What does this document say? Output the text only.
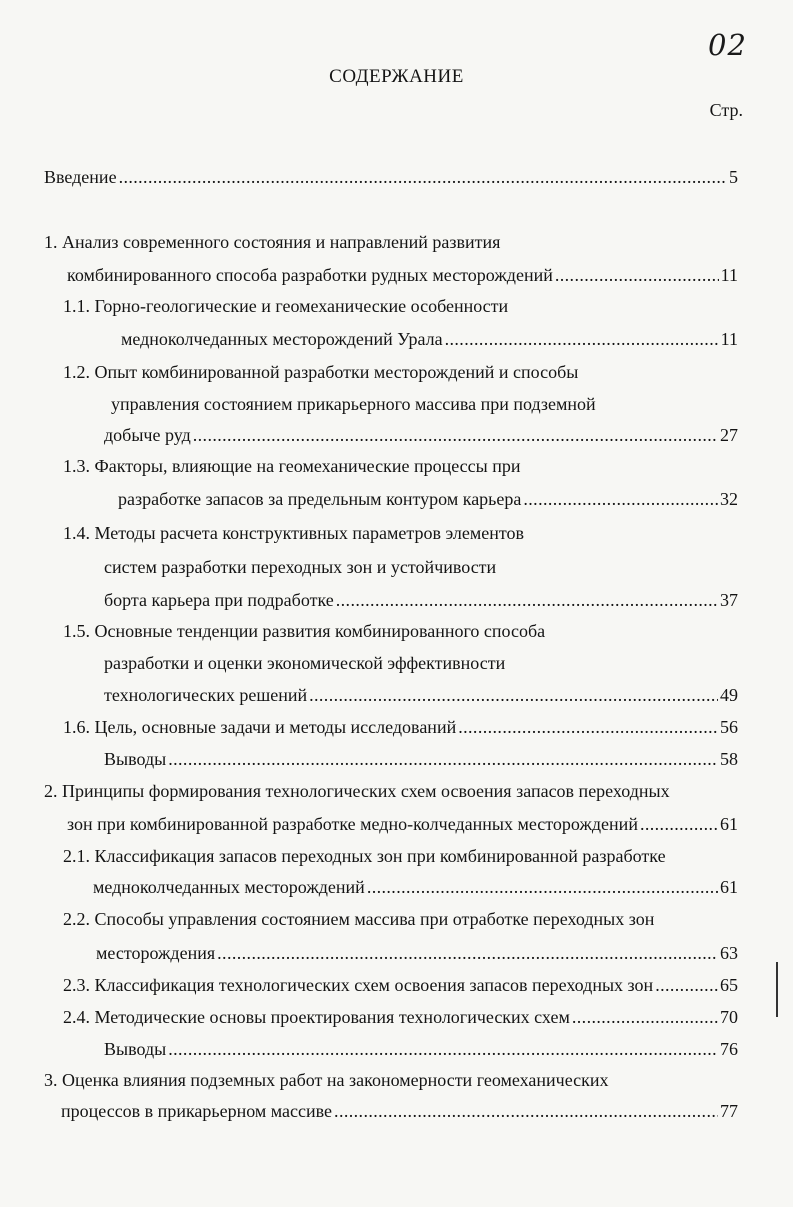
02
СОДЕРЖАНИЕ
Стр.
Введение .....	5
1. Анализ современного состояния и направлений развития
комбинированного способа разработки рудных месторождений .....	11
1.1. Горно-геологические и геомеханические особенности
медноколчеданных месторождений Урала .....	11
1.2. Опыт комбинированной разработки месторождений и способы
управления состоянием прикарьерного массива при подземной
добыче руд .....	27
1.3. Факторы, влияющие на геомеханические процессы при
разработке запасов за предельным контуром карьера .....	32
1.4. Методы расчета конструктивных параметров элементов
систем разработки переходных зон и устойчивости
борта карьера при подработке .....	37
1.5. Основные тенденции развития комбинированного способа
разработки и оценки экономической эффективности
технологических решений .....	49
1.6. Цель, основные задачи и методы исследований .....	56
Выводы .....	58
2. Принципы формирования технологических схем освоения запасов переходных
зон при комбинированной разработке медно-колчеданных месторождений .....	61
2.1. Классификация запасов переходных зон при комбинированной разработке
медноколчеданных месторождений .....	61
2.2. Способы управления состоянием массива при отработке переходных зон
месторождения .....	63
2.3. Классификация технологических схем освоения запасов переходных зон .....	65
2.4. Методические основы проектирования технологических схем .....	70
Выводы .....	76
3. Оценка влияния подземных работ на закономерности геомеханических
процессов в прикарьерном массиве .....	77
